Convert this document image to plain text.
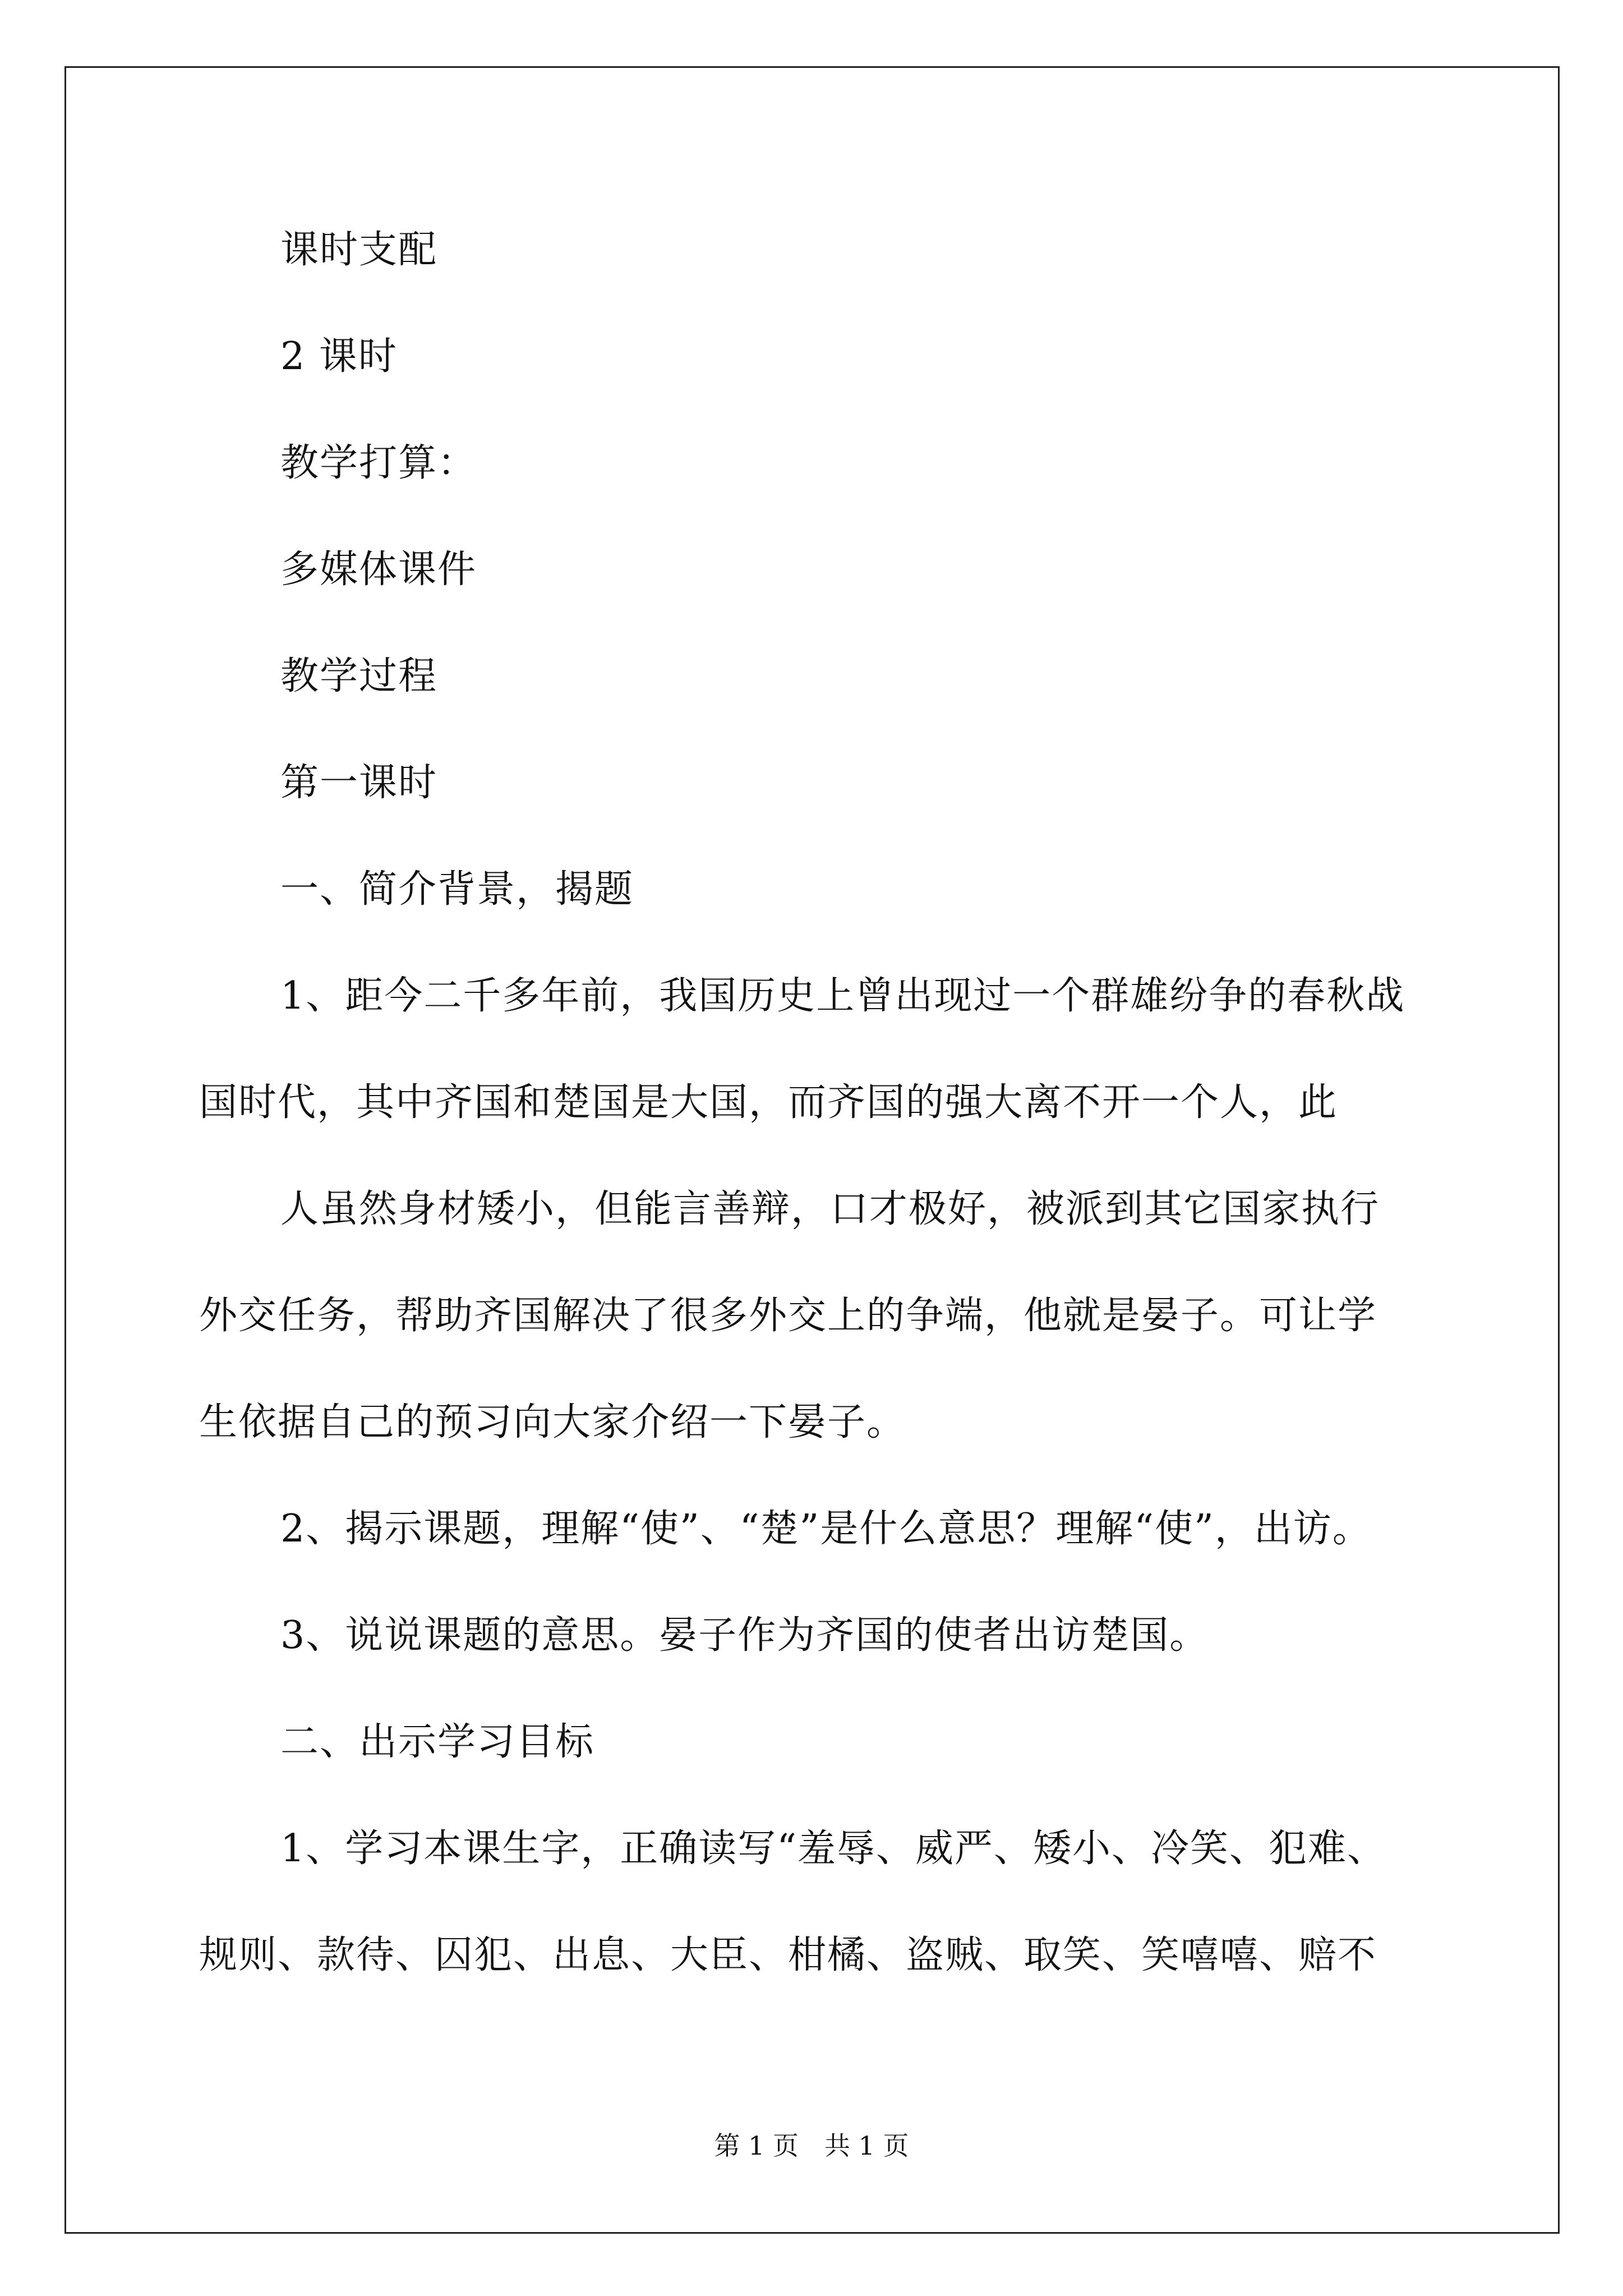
课时支配
2 课时
教学打算：
多媒体课件
教学过程
第一课时
一、简介背景，揭题
1、距今二千多年前，我国历史上曾出现过一个群雄纷争的春秋战
国时代，其中齐国和楚国是大国，而齐国的强大离不开一个人，此
人虽然身材矮小，但能言善辩，口才极好，被派到其它国家执行
外交任务，帮助齐国解决了很多外交上的争端，他就是晏子。可让学
生依据自己的预习向大家介绍一下晏子。
2、揭示课题，理解“使”、“楚”是什么意思？理解“使”，出访。
3、说说课题的意思。晏子作为齐国的使者出访楚国。
二、出示学习目标
1、学习本课生字，正确读写“羞辱、威严、矮小、冷笑、犯难、
规则、款待、囚犯、出息、大臣、柑橘、盗贼、取笑、笑嘻嘻、赔不
第 1 页　共 1 页
